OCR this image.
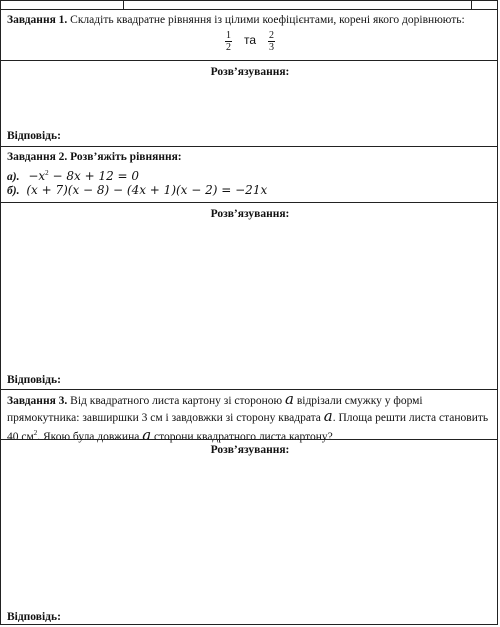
Завдання 1. Складіть квадратне рівняння із цілими коефіцієнтами, корені якого дорівнюють:
$\frac{1}{2}$ та $\frac{2}{3}$
Розв’язування:
Відповідь:
Завдання 2. Розв’яжіть рівняння:
а). $-x^2 - 8x + 12 = 0$
б). (x + 7)(x − 8) − (4x + 1)(x − 2) = −21x
Розв’язування:
Відповідь:
Завдання 3. Від квадратного листа картону зі стороною a відрізали смужку у формі прямокутника: завширшки 3 см і завдовжки зі сторону квадрата a. Площа решти листа становить 40 $см^2$. Якою була довжина a сторони квадратного листа картону?
Розв’язування:
Відповідь:
